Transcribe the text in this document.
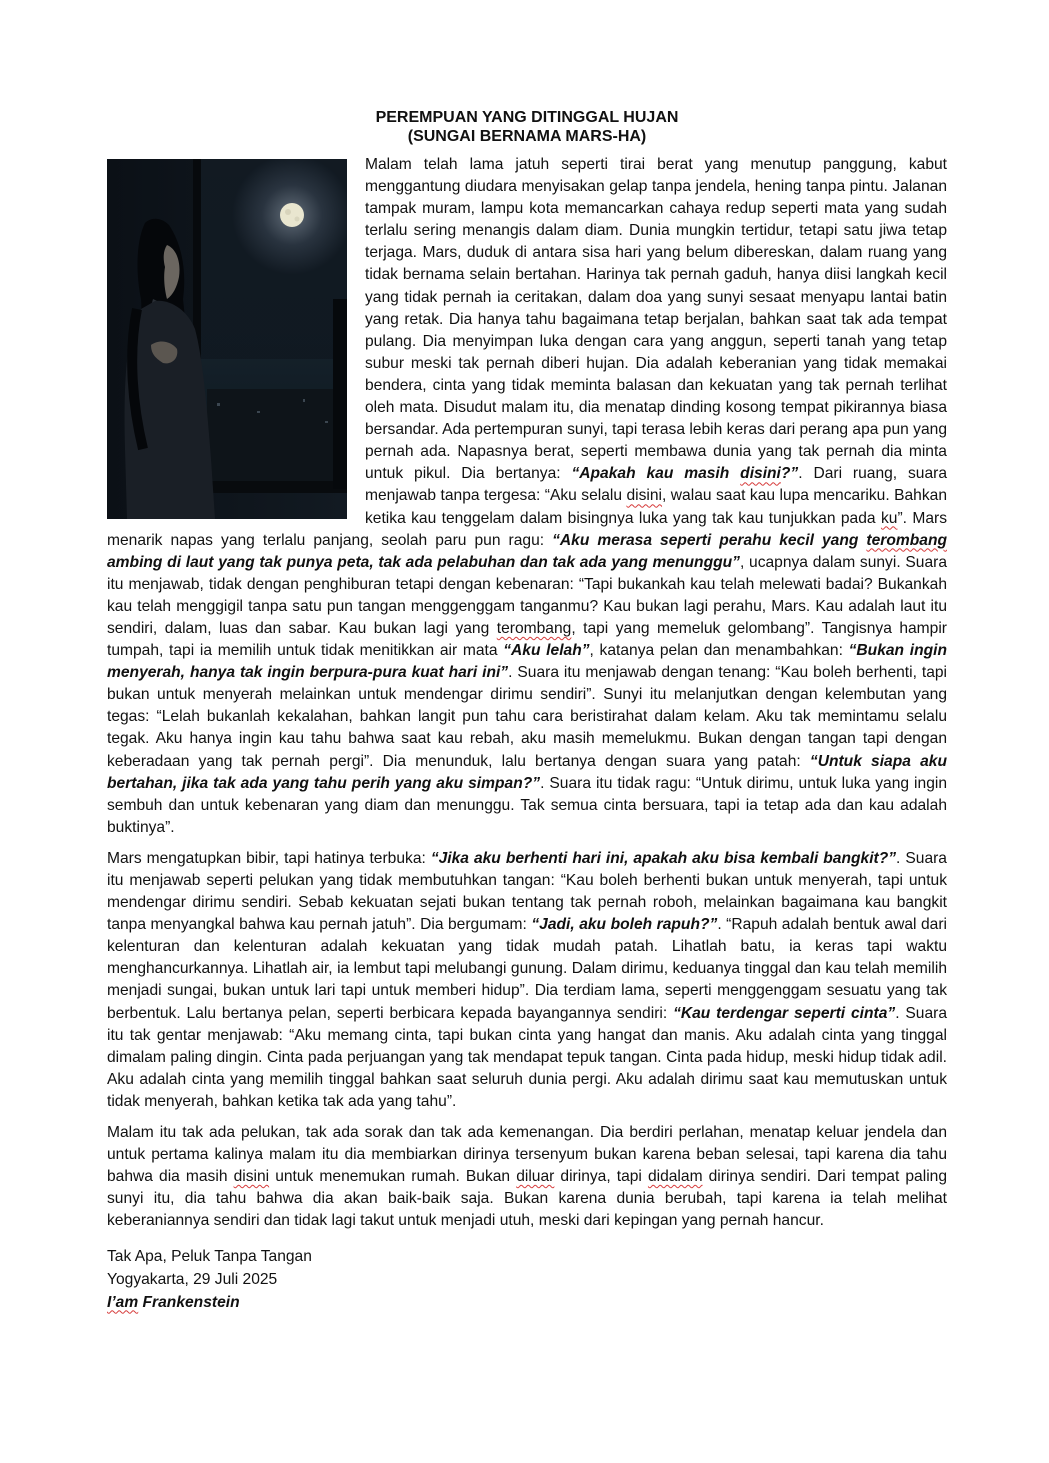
PEREMPUAN YANG DITINGGAL HUJAN
(SUNGAI BERNAMA MARS-HA)

Malam telah lama jatuh seperti tirai berat yang menutup panggung, kabut menggantung diudara menyisakan gelap tanpa jendela, hening tanpa pintu. Jalanan tampak muram, lampu kota memancarkan cahaya redup seperti mata yang sudah terlalu sering menangis dalam diam. Dunia mungkin tertidur, tetapi satu jiwa tetap terjaga. Mars, duduk di antara sisa hari yang belum dibereskan, dalam ruang yang tidak bernama selain bertahan. Harinya tak pernah gaduh, hanya diisi langkah kecil yang tidak pernah ia ceritakan, dalam doa yang sunyi sesaat menyapu lantai batin yang retak. Dia hanya tahu bagaimana tetap berjalan, bahkan saat tak ada tempat pulang. Dia menyimpan luka dengan cara yang anggun, seperti tanah yang tetap subur meski tak pernah diberi hujan. Dia adalah keberanian yang tidak memakai bendera, cinta yang tidak meminta balasan dan kekuatan yang tak pernah terlihat oleh mata. Disudut malam itu, dia menatap dinding kosong tempat pikirannya biasa bersandar. Ada pertempuran sunyi, tapi terasa lebih keras dari perang apa pun yang pernah ada. Napasnya berat, seperti membawa dunia yang tak pernah dia minta untuk pikul. Dia bertanya: “Apakah kau masih disini?”. Dari ruang, suara menjawab tanpa tergesa: “Aku selalu disini, walau saat kau lupa mencariku. Bahkan ketika kau tenggelam dalam bisingnya luka yang tak kau tunjukkan pada ku”. Mars menarik napas yang terlalu panjang, seolah paru pun ragu: “Aku merasa seperti perahu kecil yang terombang ambing di laut yang tak punya peta, tak ada pelabuhan dan tak ada yang menunggu”, ucapnya dalam sunyi. Suara itu menjawab, tidak dengan penghiburan tetapi dengan kebenaran: “Tapi bukankah kau telah melewati badai? Bukankah kau telah menggigil tanpa satu pun tangan menggenggam tanganmu? Kau bukan lagi perahu, Mars. Kau adalah laut itu sendiri, dalam, luas dan sabar. Kau bukan lagi yang terombang, tapi yang memeluk gelombang”. Tangisnya hampir tumpah, tapi ia memilih untuk tidak menitikkan air mata “Aku lelah”, katanya pelan dan menambahkan: “Bukan ingin menyerah, hanya tak ingin berpura-pura kuat hari ini”. Suara itu menjawab dengan tenang: “Kau boleh berhenti, tapi bukan untuk menyerah melainkan untuk mendengar dirimu sendiri”. Sunyi itu melanjutkan dengan kelembutan yang tegas: “Lelah bukanlah kekalahan, bahkan langit pun tahu cara beristirahat dalam kelam. Aku tak memintamu selalu tegak. Aku hanya ingin kau tahu bahwa saat kau rebah, aku masih memelukmu. Bukan dengan tangan tapi dengan keberadaan yang tak pernah pergi”. Dia menunduk, lalu bertanya dengan suara yang patah: “Untuk siapa aku bertahan, jika tak ada yang tahu perih yang aku simpan?”. Suara itu tidak ragu: “Untuk dirimu, untuk luka yang ingin sembuh dan untuk kebenaran yang diam dan menunggu. Tak semua cinta bersuara, tapi ia tetap ada dan kau adalah buktinya”.

Mars mengatupkan bibir, tapi hatinya terbuka: “Jika aku berhenti hari ini, apakah aku bisa kembali bangkit?”. Suara itu menjawab seperti pelukan yang tidak membutuhkan tangan: “Kau boleh berhenti bukan untuk menyerah, tapi untuk mendengar dirimu sendiri. Sebab kekuatan sejati bukan tentang tak pernah roboh, melainkan bagaimana kau bangkit tanpa menyangkal bahwa kau pernah jatuh”. Dia bergumam: “Jadi, aku boleh rapuh?”. “Rapuh adalah bentuk awal dari kelenturan dan kelenturan adalah kekuatan yang tidak mudah patah. Lihatlah batu, ia keras tapi waktu menghancurkannya. Lihatlah air, ia lembut tapi melubangi gunung. Dalam dirimu, keduanya tinggal dan kau telah memilih menjadi sungai, bukan untuk lari tapi untuk memberi hidup”. Dia terdiam lama, seperti menggenggam sesuatu yang tak berbentuk. Lalu bertanya pelan, seperti berbicara kepada bayangannya sendiri: “Kau terdengar seperti cinta”. Suara itu tak gentar menjawab: “Aku memang cinta, tapi bukan cinta yang hangat dan manis. Aku adalah cinta yang tinggal dimalam paling dingin. Cinta pada perjuangan yang tak mendapat tepuk tangan. Cinta pada hidup, meski hidup tidak adil. Aku adalah cinta yang memilih tinggal bahkan saat seluruh dunia pergi. Aku adalah dirimu saat kau memutuskan untuk tidak menyerah, bahkan ketika tak ada yang tahu”.

Malam itu tak ada pelukan, tak ada sorak dan tak ada kemenangan. Dia berdiri perlahan, menatap keluar jendela dan untuk pertama kalinya malam itu dia membiarkan dirinya tersenyum bukan karena beban selesai, tapi karena dia tahu bahwa dia masih disini untuk menemukan rumah. Bukan diluar dirinya, tapi didalam dirinya sendiri. Dari tempat paling sunyi itu, dia tahu bahwa dia akan baik-baik saja. Bukan karena dunia berubah, tapi karena ia telah melihat keberaniannya sendiri dan tidak lagi takut untuk menjadi utuh, meski dari kepingan yang pernah hancur.

Tak Apa, Peluk Tanpa Tangan
Yogyakarta, 29 Juli 2025
I’am Frankenstein
